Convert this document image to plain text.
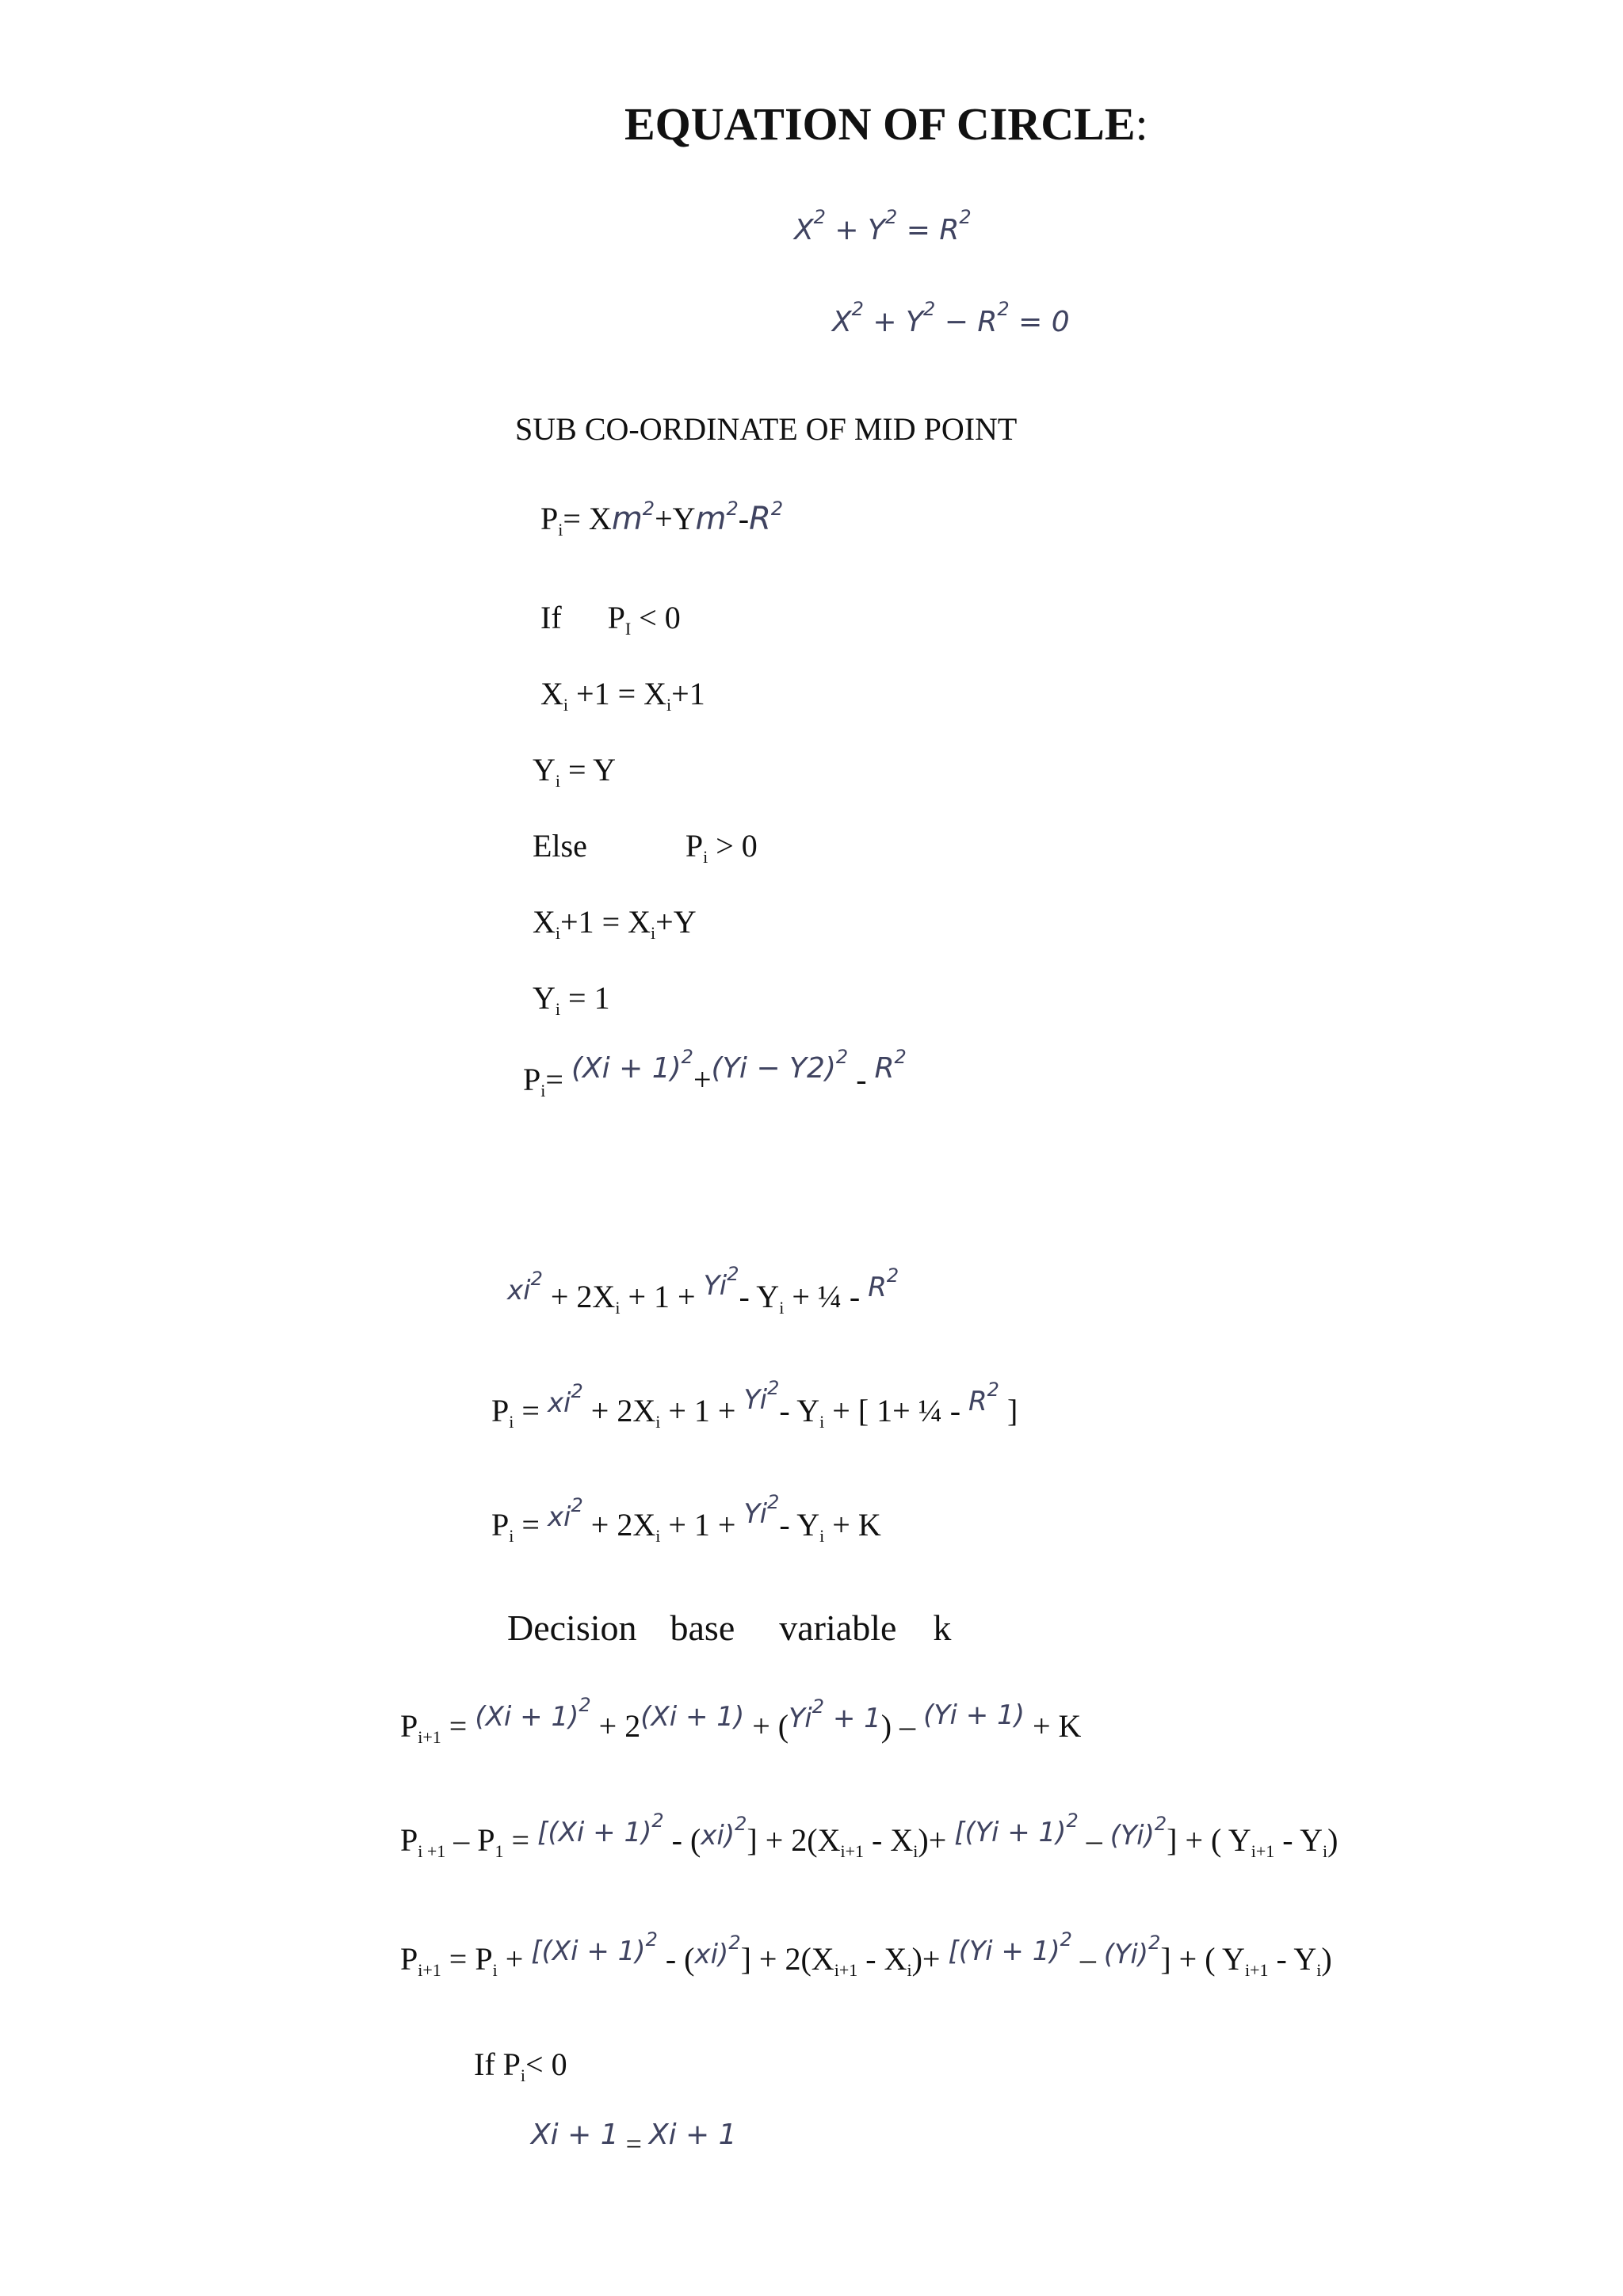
EQUATION OF CIRCLE:
$X^2 + Y^2 = R^2$
$X^2 + Y^2 - R^2 = 0$
SUB CO-ORDINATE OF MID POINT
$P_i= Xm^2+Ym^2-R^2$
If $P_I < 0$
$X_i +1 = X_i+1$
$Y_i = Y$
Else	$P_i > 0$
$X_i+1 = X_i+Y$
$Y_i = 1$
$P_i= (Xi + 1)^2+(Yi - Y2)^2 - R^2$
$^{xi^2} + 2X_i + 1 + ^{Yi^2}-$ $Y_i$ + ¼ - $^{R^2}$
$P_i = ^{xi^2} + 2X_i + 1 + ^{Yi^2}-$ $Y_i$ + [ 1+ ¼ - $^{R^2}$ ]
$P_i = ^{xi^2} + 2X_i + 1 + ^{Yi^2}-$ $Y_i + K$
Decision base variable k
$P_{i+1} = ^{(Xi + 1)^2} + 2^{(Xi + 1)} + (^{Yi^2 + 1}) - ^{(Yi + 1)} + K$
$P_{i +1} - P_1 = ^{[(Xi + 1)^2} - (^{xi)^2}] + 2(X_{i+1} - X_i)+ ^{[(Yi + 1)^2} - ^{(Yi)^2}$] + ( $Y_{i+1} - Y_i$)
$P_{i+1} = P_i + ^{[(Xi + 1)^2} - (^{xi)^2}] + 2(X_{i+1} - X_i)+ ^{[(Yi + 1)^2} - ^{(Yi)^2}$] + ( $Y_{i+1} - Y_i$)
If $P_i< 0$
Xi + 1 = Xi + 1
